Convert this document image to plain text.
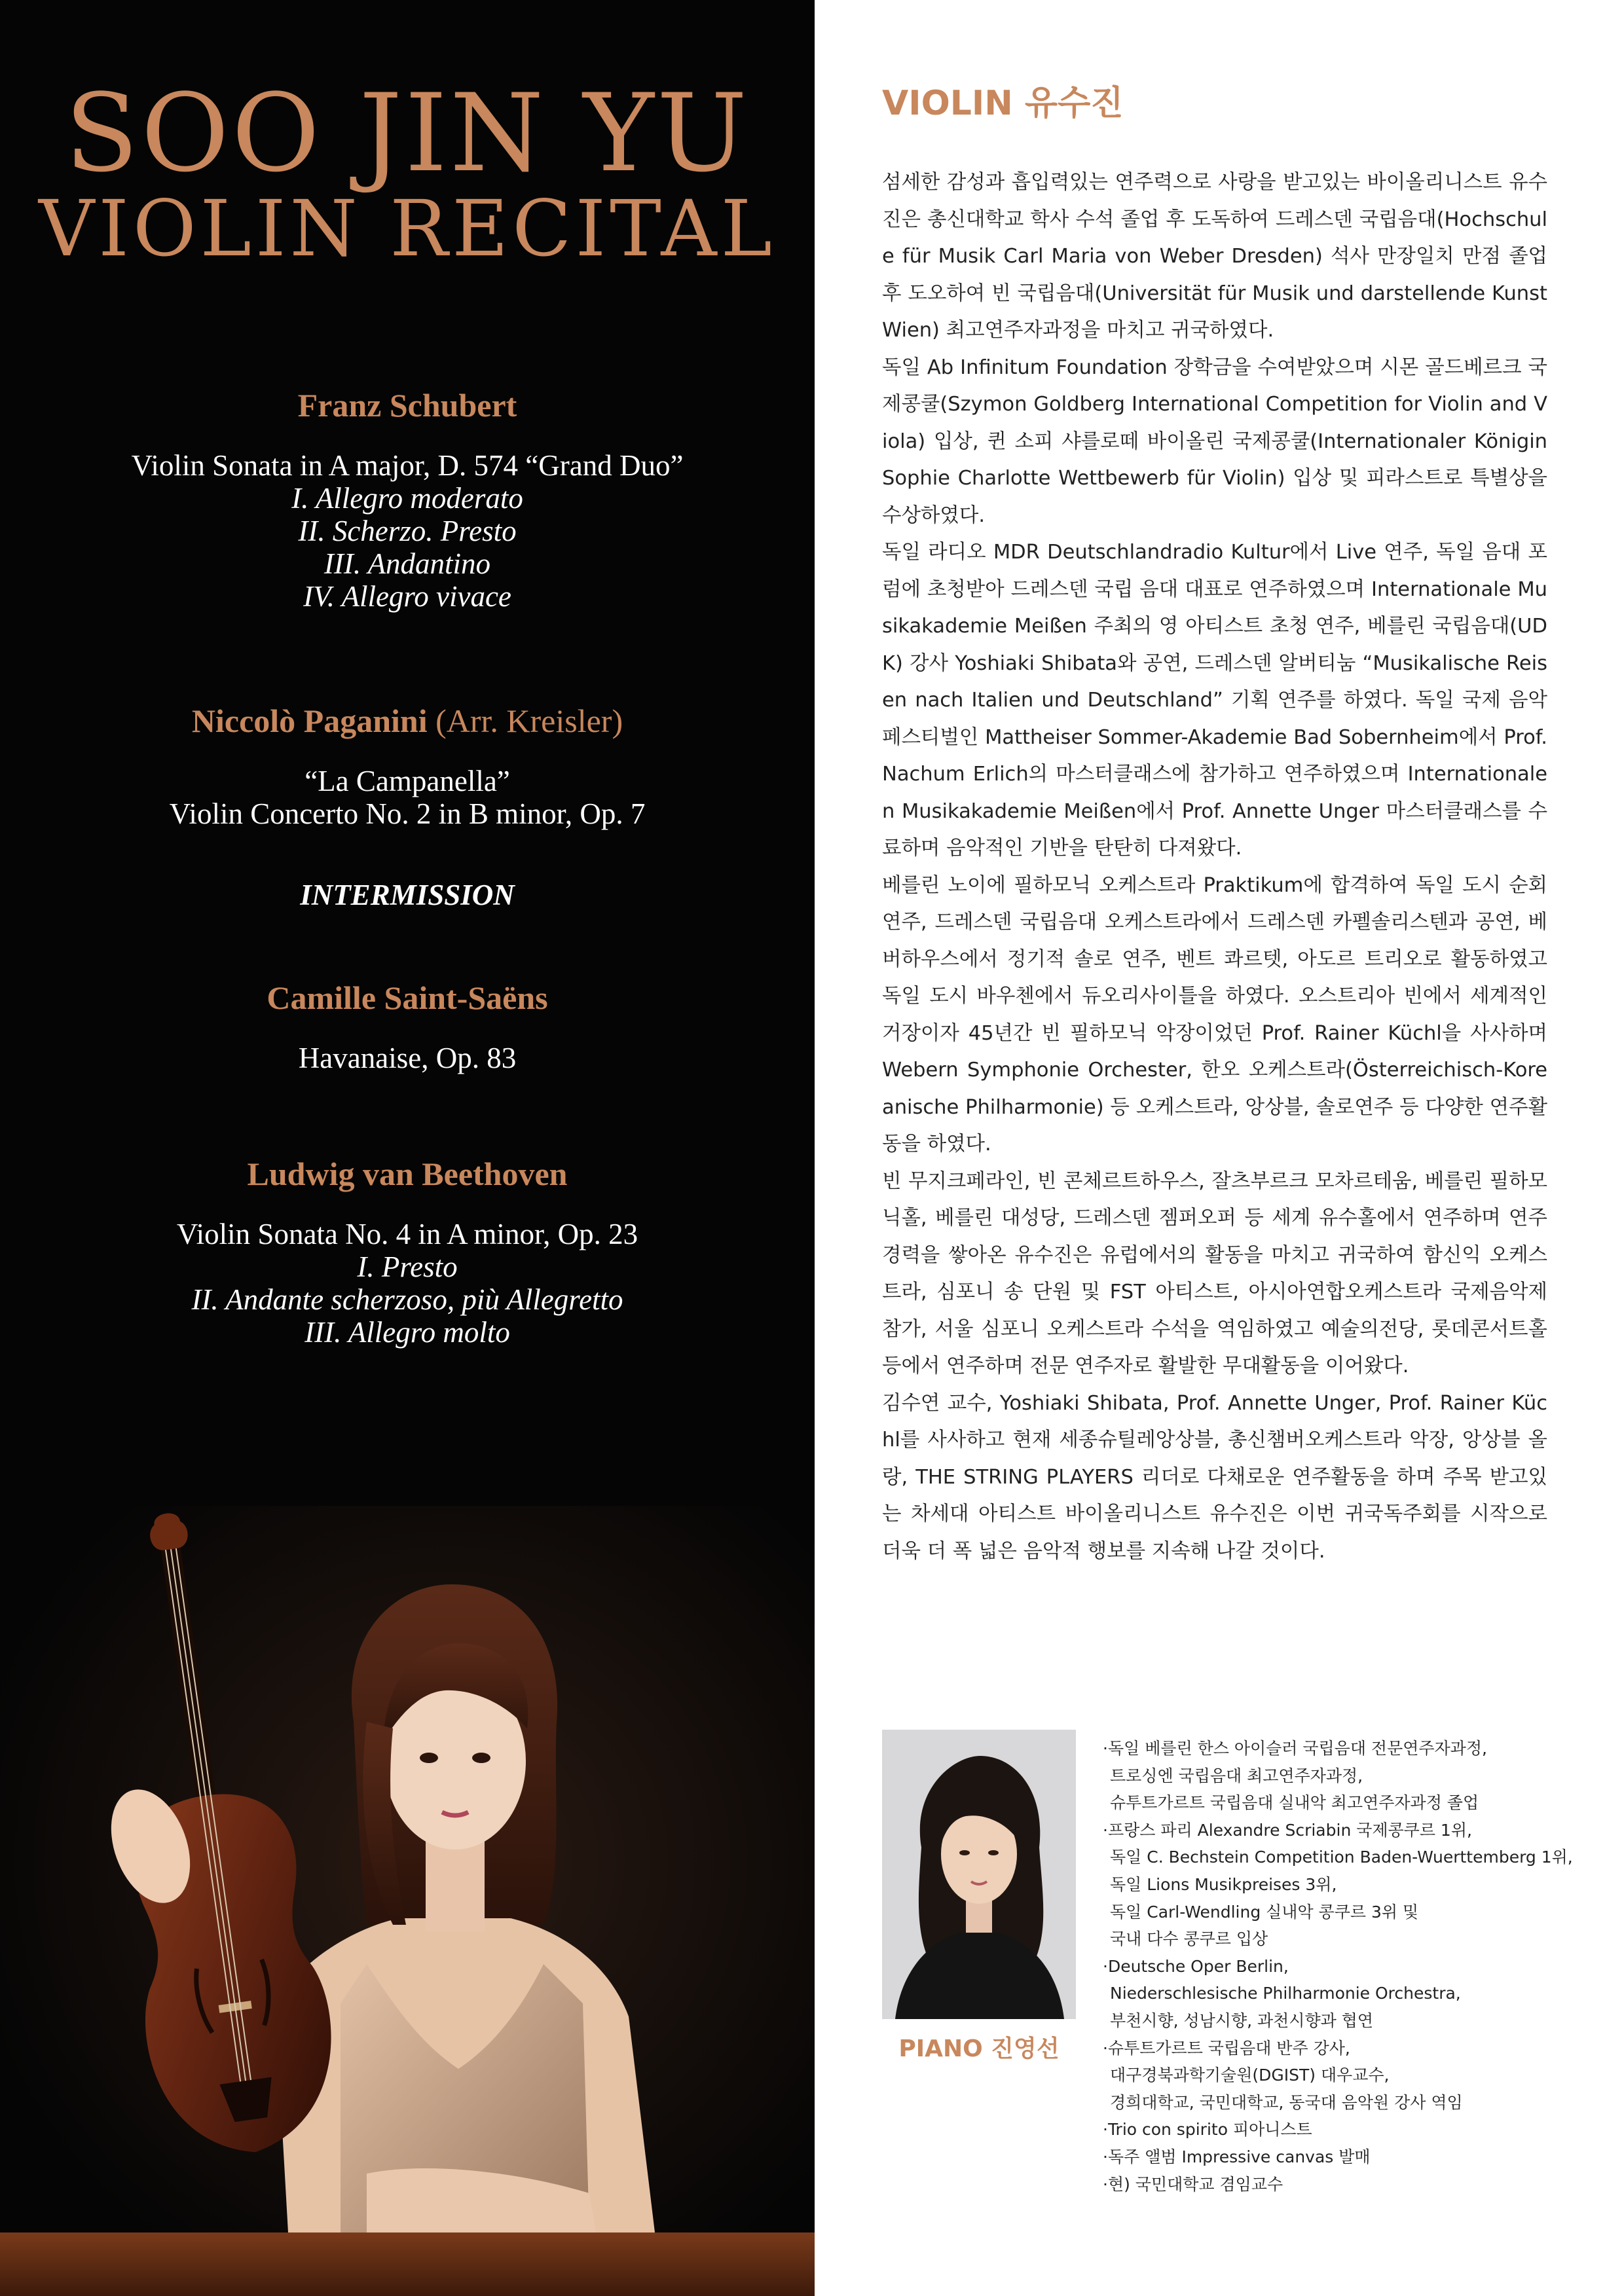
SOO JIN YU
VIOLIN RECITAL
Franz Schubert
Violin Sonata in A major, D. 574 “Grand Duo”
I. Allegro moderato
II. Scherzo. Presto
III. Andantino
IV. Allegro vivace
Niccolò Paganini (Arr. Kreisler)
“La Campanella”
Violin Concerto No. 2 in B minor, Op. 7
INTERMISSION
Camille Saint-Saëns
Havanaise, Op. 83
Ludwig van Beethoven
Violin Sonata No. 4 in A minor, Op. 23
I. Presto
II. Andante scherzoso, più Allegretto
III. Allegro molto
VIOLIN 유수진

섬세한 감성과 흡입력있는 연주력으로 사랑을 받고있는 바이올리니스트 유수진은 총신대학교 학사 수석 졸업 후 도독하여 드레스덴 국립음대(Hochschule für Musik Carl Maria von Weber Dresden) 석사 만장일치 만점 졸업 후 도오하여 빈 국립음대(Universität für Musik und darstellende Kunst Wien) 최고연주자과정을 마치고 귀국하였다.

독일 Ab Infinitum Foundation 장학금을 수여받았으며 시몬 골드베르크 국제콩쿨(Szymon Goldberg International Competition for Violin and Viola) 입상, 퀸 소피 샤를로떼 바이올린 국제콩쿨(Internationaler Königin Sophie Charlotte Wettbewerb für Violin) 입상 및 피라스트로 특별상을 수상하였다.

독일 라디오 MDR Deutschlandradio Kultur에서 Live 연주, 독일 음대 포럼에 초청받아 드레스덴 국립 음대 대표로 연주하였으며 Internationale Musikakademie Meißen 주최의 영 아티스트 초청 연주, 베를린 국립음대(UDK) 강사 Yoshiaki Shibata와 공연, 드레스덴 알버티눔 “Musikalische Reisen nach Italien und Deutschland” 기획 연주를 하였다. 독일 국제 음악페스티벌인 Mattheiser Sommer-Akademie Bad Sobernheim에서 Prof. Nachum Erlich의 마스터클래스에 참가하고 연주하였으며 Internationalen Musikakademie Meißen에서 Prof. Annette Unger 마스터클래스를 수료하며 음악적인 기반을 탄탄히 다져왔다.

베를린 노이에 필하모닉 오케스트라 Praktikum에 합격하여 독일 도시 순회 연주, 드레스덴 국립음대 오케스트라에서 드레스덴 카펠솔리스텐과 공연, 베버하우스에서 정기적 솔로 연주, 벤트 콰르텟, 아도르 트리오로 활동하였고 독일 도시 바우첸에서 듀오리사이틀을 하였다. 오스트리아 빈에서 세계적인 거장이자 45년간 빈 필하모닉 악장이었던 Prof. Rainer Küchl을 사사하며 Webern Symphonie Orchester, 한오 오케스트라(Österreichisch-Koreanische Philharmonie) 등 오케스트라, 앙상블, 솔로연주 등 다양한 연주활동을 하였다.

빈 무지크페라인, 빈 콘체르트하우스, 잘츠부르크 모차르테움, 베를린 필하모닉홀, 베를린 대성당, 드레스덴 젬퍼오퍼 등 세계 유수홀에서 연주하며 연주경력을 쌓아온 유수진은 유럽에서의 활동을 마치고 귀국하여 함신익 오케스트라, 심포니 송 단원 및 FST 아티스트, 아시아연합오케스트라 국제음악제 참가, 서울 심포니 오케스트라 수석을 역임하였고 예술의전당, 롯데콘서트홀 등에서 연주하며 전문 연주자로 활발한 무대활동을 이어왔다.

김수연 교수, Yoshiaki Shibata, Prof. Annette Unger, Prof. Rainer Küchl를 사사하고 현재 세종슈틸레앙상블, 총신챔버오케스트라 악장, 앙상블 올랑, THE STRING PLAYERS 리더로 다채로운 연주활동을 하며 주목 받고있는 차세대 아티스트 바이올리니스트 유수진은 이번 귀국독주회를 시작으로 더욱 더 폭 넓은 음악적 행보를 지속해 나갈 것이다.

PIANO 진영선
·독일 베를린 한스 아이슬러 국립음대 전문연주자과정,
트로싱엔 국립음대 최고연주자과정,
슈투트가르트 국립음대 실내악 최고연주자과정 졸업
·프랑스 파리 Alexandre Scriabin 국제콩쿠르 1위,
독일 C. Bechstein Competition Baden-Wuerttemberg 1위,
독일 Lions Musikpreises 3위,
독일 Carl-Wendling 실내악 콩쿠르 3위 및
국내 다수 콩쿠르 입상
·Deutsche Oper Berlin,
Niederschlesische Philharmonie Orchestra,
부천시향, 성남시향, 과천시향과 협연
·슈투트가르트 국립음대 반주 강사,
대구경북과학기술원(DGIST) 대우교수,
경희대학교, 국민대학교, 동국대 음악원 강사 역임
·Trio con spirito 피아니스트
·독주 앨범 Impressive canvas 발매
·현) 국민대학교 겸임교수
